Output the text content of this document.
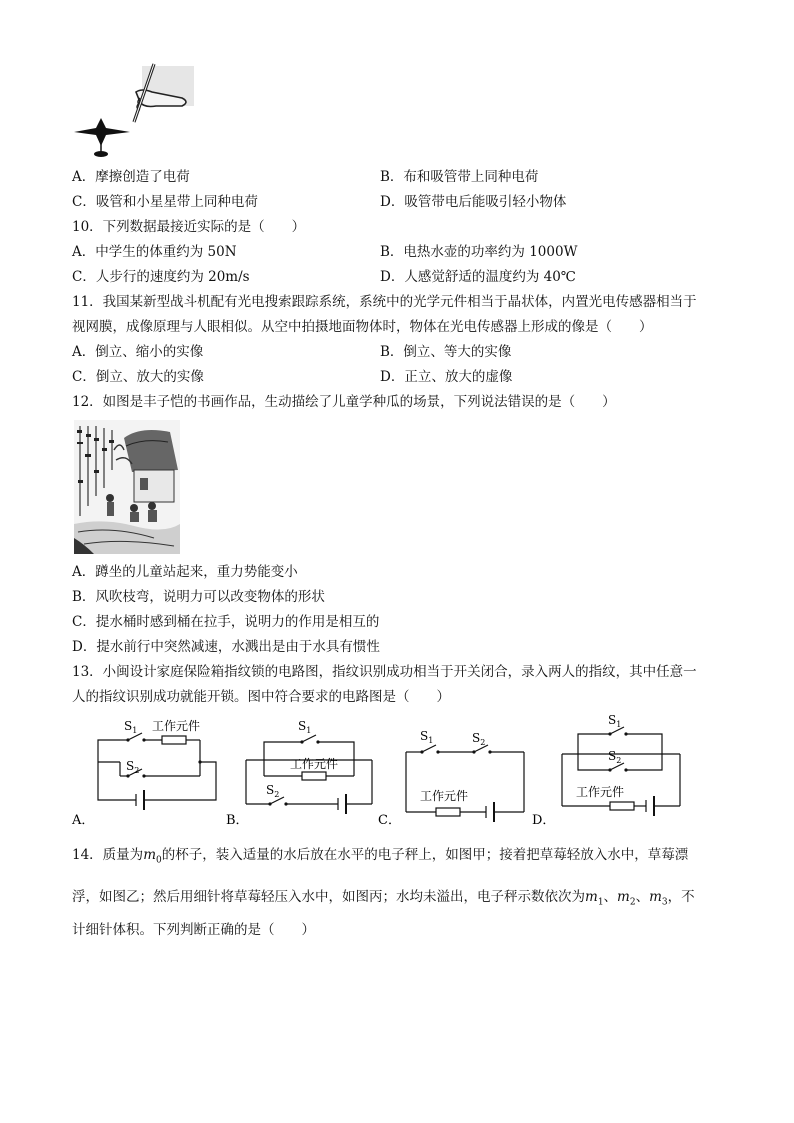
A．摩擦创造了电荷	B．布和吸管带上同种电荷
C．吸管和小星星带上同种电荷	D．吸管带电后能吸引轻小物体
10．下列数据最接近实际的是（　　）
A．中学生的体重约为 50N	B．电热水壶的功率约为 1000W
C．人步行的速度约为 20m/s	D．人感觉舒适的温度约为 40℃
11．我国某新型战斗机配有光电搜索跟踪系统，系统中的光学元件相当于晶状体，内置光电传感器相当于
视网膜，成像原理与人眼相似。从空中拍摄地面物体时，物体在光电传感器上形成的像是（　　）
A．倒立、缩小的实像	B．倒立、等大的实像
C．倒立、放大的实像	D．正立、放大的虚像
12．如图是丰子恺的书画作品，生动描绘了儿童学种瓜的场景，下列说法错误的是（　　）
A．蹲坐的儿童站起来，重力势能变小
B．风吹枝弯，说明力可以改变物体的形状
C．提水桶时感到桶在拉手，说明力的作用是相互的
D．提水前行中突然减速，水溅出是由于水具有惯性
13．小闽设计家庭保险箱指纹锁的电路图，指纹识别成功相当于开关闭合，录入两人的指纹，其中任意一
人的指纹识别成功就能开锁。图中符合要求的电路图是（　　）
A．
$S_1$ 工作元件
$S_2$
B．
$S_1$
工作元件
$S_2$
C．
$S_1$	$S_2$
工作元件
D．
$S_1$
$S_2$
工作元件
14．质量为$m_0$的杯子，装入适量的水后放在水平的电子秤上，如图甲；接着把草莓轻放入水中，草莓漂
浮，如图乙；然后用细针将草莓轻压入水中，如图丙；水均未溢出，电子秤示数依次为$m_1$、$m_2$、$m_3$，不
计细针体积。下列判断正确的是（　　）
